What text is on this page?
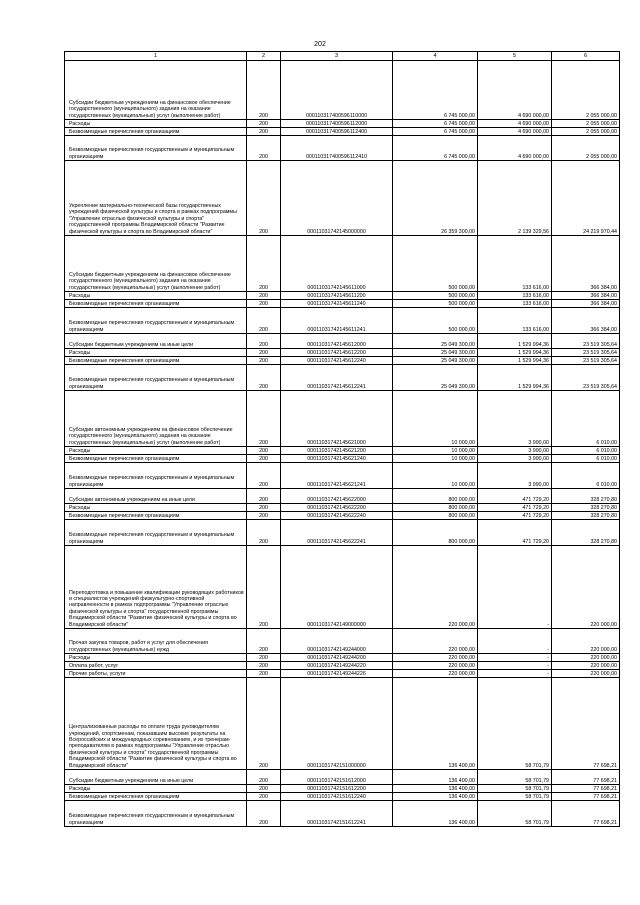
202
1	2	3	4	5	6
Субсидии бюджетным учреждениям на финансовое обеспечение государственного (муниципального) задания на оказание государственных (муниципальных) услуг (выполнение работ)	200	000110317400596110000	6 745 000,00	4 690 000,00	2 055 000,00
Расходы	200	000110317400596112000	6 745 000,00	4 690 000,00	2 055 000,00
Безвозмездные перечисления организациям	200	000110317400596112400	6 745 000,00	4 690 000,00	2 055 000,00
Безвозмездные перечисления государственным и муниципальным организациям	200	000110317400596112410	6 745 000,00	4 690 000,00	2 055 000,00
Укрепление материально-технической базы государственных учреждений физической культуры и спорта в рамках подпрограммы "Управление отраслью физической культуры и спорта" государственной программы Владимирской области "Развитие физической культуры и спорта во Владимирской области"	200	00011031742145000000	26 359 300,00	2 139 329,56	24 219 970,44
Субсидии бюджетным учреждениям на финансовое обеспечение государственного (муниципального) задания на оказание государственных (муниципальных) услуг (выполнение работ)	200	00011031742145611000	500 000,00	133 616,00	366 384,00
Расходы	200	00011031742145611200	500 000,00	133 616,00	366 384,00
Безвозмездные перечисления организациям	200	00011031742145611240	500 000,00	133 616,00	366 384,00
Безвозмездные перечисления государственным и муниципальным организациям	200	00011031742145611241	500 000,00	133 616,00	366 384,00
Субсидии бюджетным учреждениям на иные цели	200	00011031742145612000	25 049 300,00	1 529 994,36	23 519 305,64
Расходы	200	00011031742145612200	25 049 300,00	1 529 994,36	23 519 305,64
Безвозмездные перечисления организациям	200	00011031742145612240	25 049 300,00	1 529 994,36	23 519 305,64
Безвозмездные перечисления государственным и муниципальным организациям	200	00011031742145612241	25 049 300,00	1 529 994,36	23 519 305,64
Субсидии автономным учреждениям на финансовое обеспечение государственного (муниципального) задания на оказание государственных (муниципальных) услуг (выполнение работ)	200	00011031742145621000	10 000,00	3 990,00	6 010,00
Расходы	200	00011031742145621200	10 000,00	3 990,00	6 010,00
Безвозмездные перечисления организациям	200	00011031742145621240	10 000,00	3 990,00	6 010,00
Безвозмездные перечисления государственным и муниципальным организациям	200	00011031742145621241	10 000,00	3 990,00	6 010,00
Субсидии автономным учреждениям на иные цели	200	00011031742145622000	800 000,00	471 729,20	328 270,80
Расходы	200	00011031742145622200	800 000,00	471 729,20	328 270,80
Безвозмездные перечисления организациям	200	00011031742145622240	800 000,00	471 729,20	328 270,80
Безвозмездные перечисления государственным и муниципальным организациям	200	00011031742145622241	800 000,00	471 729,20	328 270,80
Переподготовка и повышение квалификации руководящих работников и специалистов учреждений физкультурно-спортивной направленности в рамках подпрограммы "Управление отраслью физической культуры и спорта" государственной программы Владимирской области "Развитие физической культуры и спорта во Владимирской области"	200	00011031742149000000	220 000,00	-	220 000,00
Прочая закупка товаров, работ и услуг для обеспечения государственных (муниципальных) нужд	200	00011031742149244000	220 000,00	-	220 000,00
Расходы	200	00011031742149244200	220 000,00	-	220 000,00
Оплата работ, услуг	200	00011031742149244220	220 000,00	-	220 000,00
Прочие работы, услуги	200	00011031742149244226	220 000,00	-	220 000,00
Централизованные расходы по оплате труда руководителям учреждений, спортсменам, показавшим высокие результаты на Всероссийских и международных соревнованиях, и их тренерам-преподавателям в рамках подпрограммы "Управление отраслью физической культуры и спорта" государственной программы Владимирской области "Развитие физической культуры и спорта во Владимирской области"	200	00011031742151000000	136 400,00	58 701,79	77 698,21
Субсидии бюджетным учреждениям на иные цели	200	00011031742151612000	136 400,00	58 701,79	77 698,21
Расходы	200	00011031742151612200	136 400,00	58 701,79	77 698,21
Безвозмездные перечисления организациям	200	00011031742151612240	136 400,00	58 701,79	77 698,21
Безвозмездные перечисления государственным и муниципальным организациям	200	00011031742151612241	136 400,00	58 701,79	77 698,21
